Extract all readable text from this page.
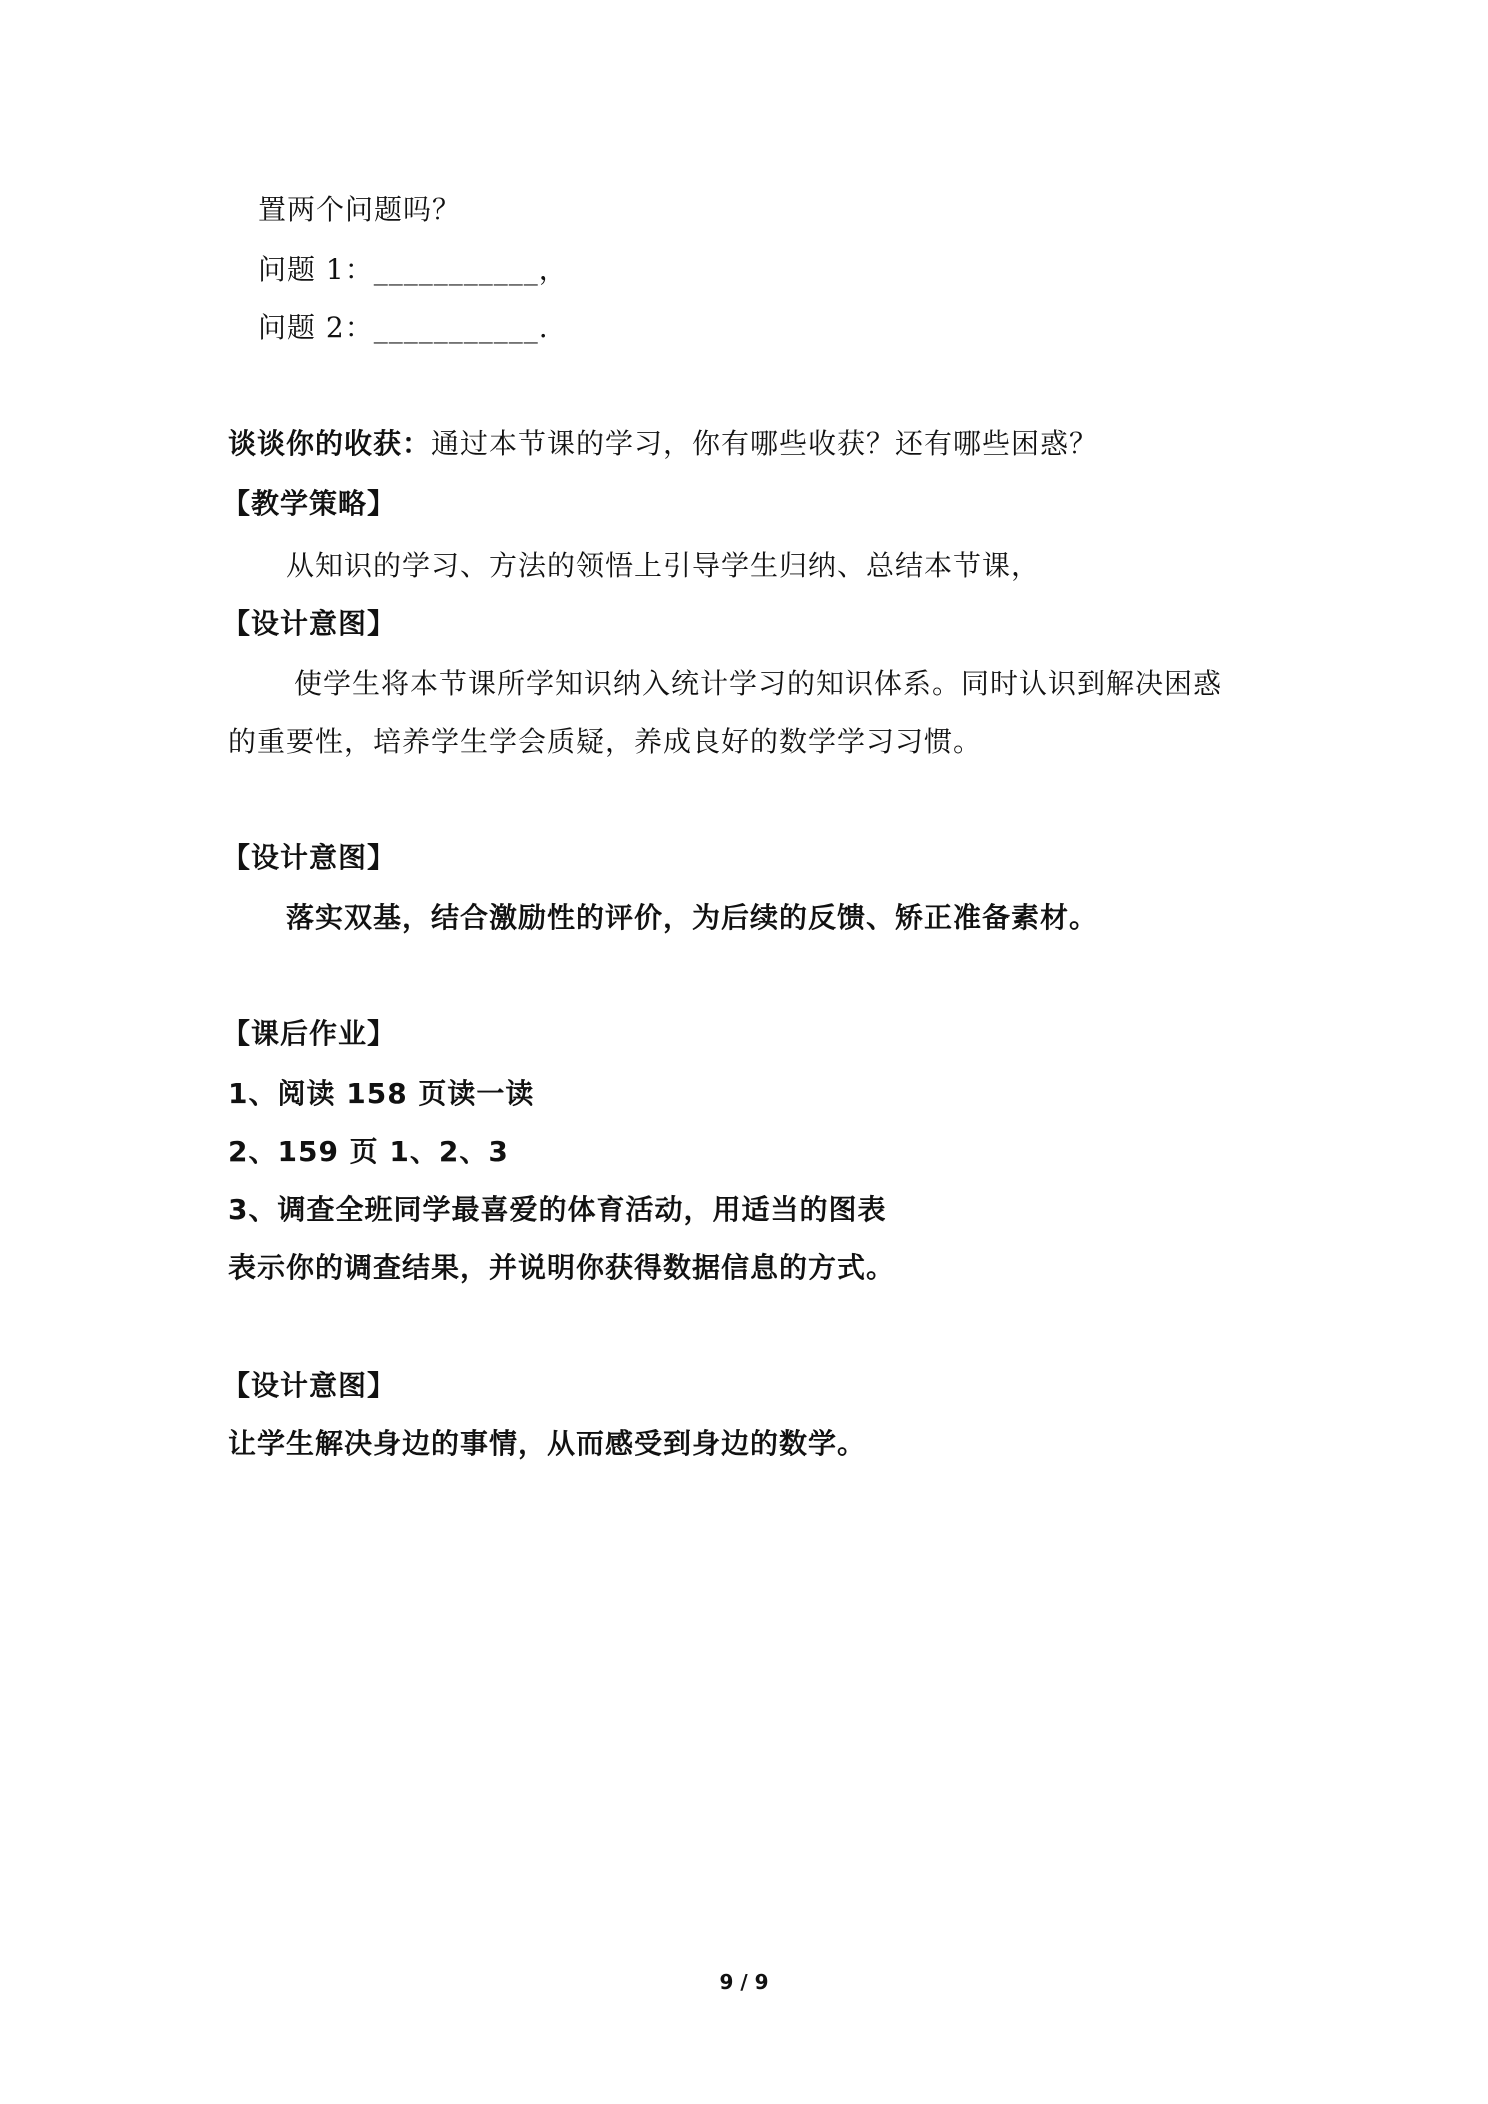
置两个问题吗？
问题 1：___________，
问题 2：___________.
谈谈你的收获：通过本节课的学习，你有哪些收获？还有哪些困惑？
【教学策略】
从知识的学习、方法的领悟上引导学生归纳、总结本节课，
【设计意图】
使学生将本节课所学知识纳入统计学习的知识体系。同时认识到解决困惑
的重要性，培养学生学会质疑，养成良好的数学学习习惯。
【设计意图】
落实双基，结合激励性的评价，为后续的反馈、矫正准备素材。
【课后作业】
1、阅读 158 页读一读
2、159 页 1、2、3
3、调查全班同学最喜爱的体育活动，用适当的图表
表示你的调查结果，并说明你获得数据信息的方式。
【设计意图】
让学生解决身边的事情，从而感受到身边的数学。
9 / 9
